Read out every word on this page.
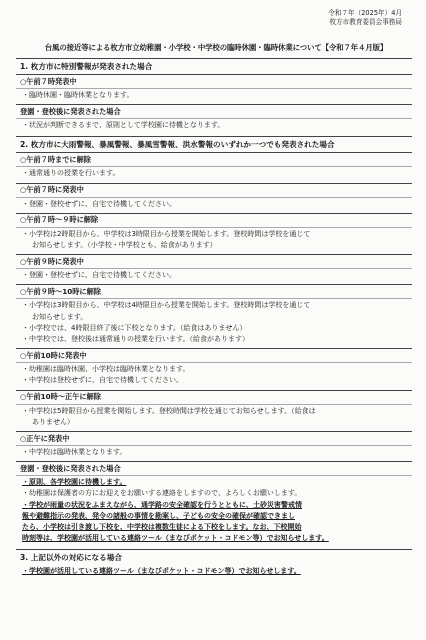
令和７年（2025年）4月
枚方市教育委員会事務局
台風の接近等による枚方市立幼稚園・小学校・中学校の臨時休園・臨時休業について【令和７年４月版】
1. 枚方市に特別警報が発表された場合
○午前７時発表中
・臨時休園・臨時休業となります。
登園・登校後に発表された場合
・状況が判断できるまで、原則として学校園に待機となります。
2. 枚方市に大雨警報、暴風警報、暴風雪警報、洪水警報のいずれか一つでも発表された場合
○午前７時までに解除
・通常通りの授業を行います。
○午前７時に発表中
・登園・登校せずに、自宅で待機してください。
○午前７時～９時に解除
・小学校は2時限目から、中学校は3時限目から授業を開始します。登校時間は学校を通じて
お知らせします。（小学校・中学校とも、給食があります）
○午前９時に発表中
・登園・登校せずに、自宅で待機してください。
○午前９時～10時に解除
・小学校は3時限目から、中学校は4時限目から授業を開始します。登校時間は学校を通じて
お知らせします。
・小学校では、4時限目終了後に下校となります。（給食はありません）
・中学校では、登校後は通常通りの授業を行います。（給食があります）
○午前10時に発表中
・幼稚園は臨時休園、小学校は臨時休業となります。
・中学校は登校せずに、自宅で待機してください。
○午前10時～正午に解除
・中学校は5時限目から授業を開始します。登校時間は学校を通じてお知らせします。（給食は
ありません）
○正午に発表中
・中学校は臨時休業となります。
登園・登校後に発表された場合
・原則、各学校園に待機します。
・幼稚園は保護者の方にお迎えをお願いする連絡をしますので、よろしくお願いします。
・学校が雨量の状況をふまえながら、通学路の安全確認を行うとともに、土砂災害警戒情
報や避難指示の発表、発令の諸般の事情を勘案し、子どもの安全の確保が確認できまし
たら、小学校は引き渡し下校を、中学校は複数生徒による下校をします。なお、下校開始
時刻等は、学校園が活用している連絡ツール（まなびポケット・コドモン等）でお知らせします。
3. 上記以外の対応になる場合
・学校園が活用している連絡ツール（まなびポケット・コドモン等）でお知らせします。
